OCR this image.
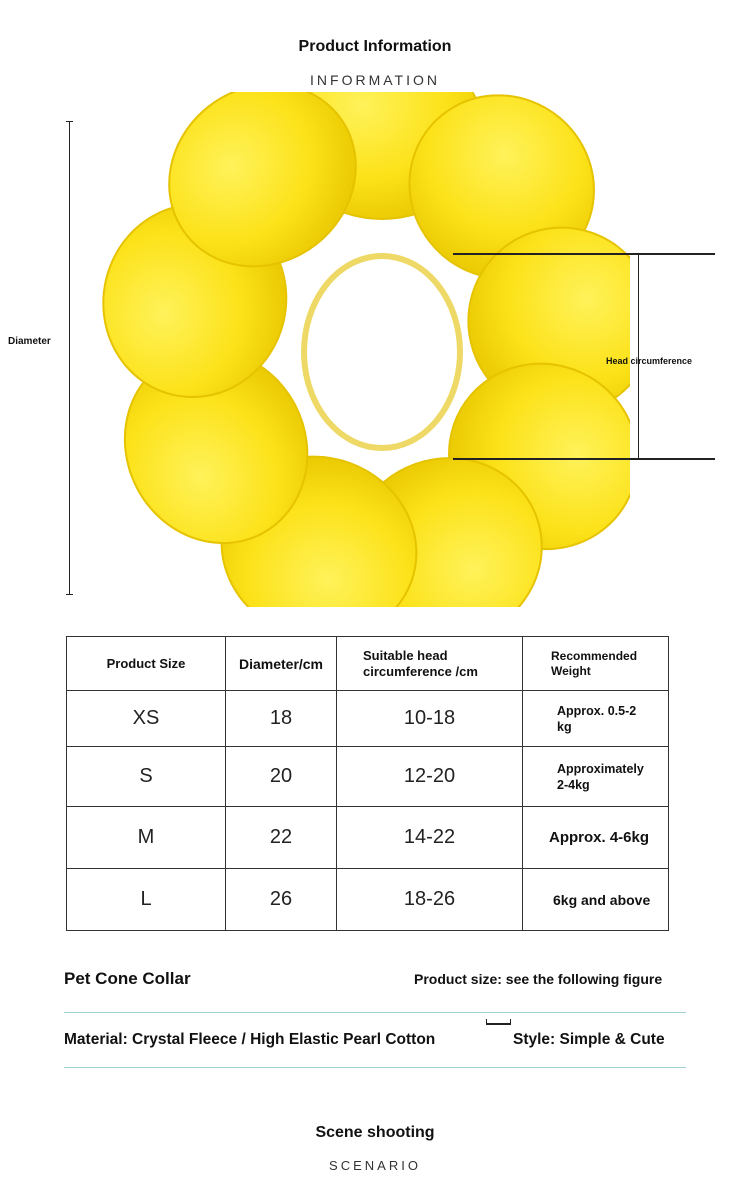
Product Information
INFORMATION
Diameter
Head circumference
Product Size	Diameter/cm	Suitable head circumference /cm	Recommended Weight
XS	18	10-18	Approx. 0.5-2 kg
S	20	12-20	Approximately 2-4kg
M	22	14-22	Approx. 4-6kg
L	26	18-26	6kg and above
Pet Cone Collar	Product size: see the following figure
Material: Crystal Fleece / High Elastic Pearl Cotton	Style: Simple & Cute
Scene shooting
SCENARIO
